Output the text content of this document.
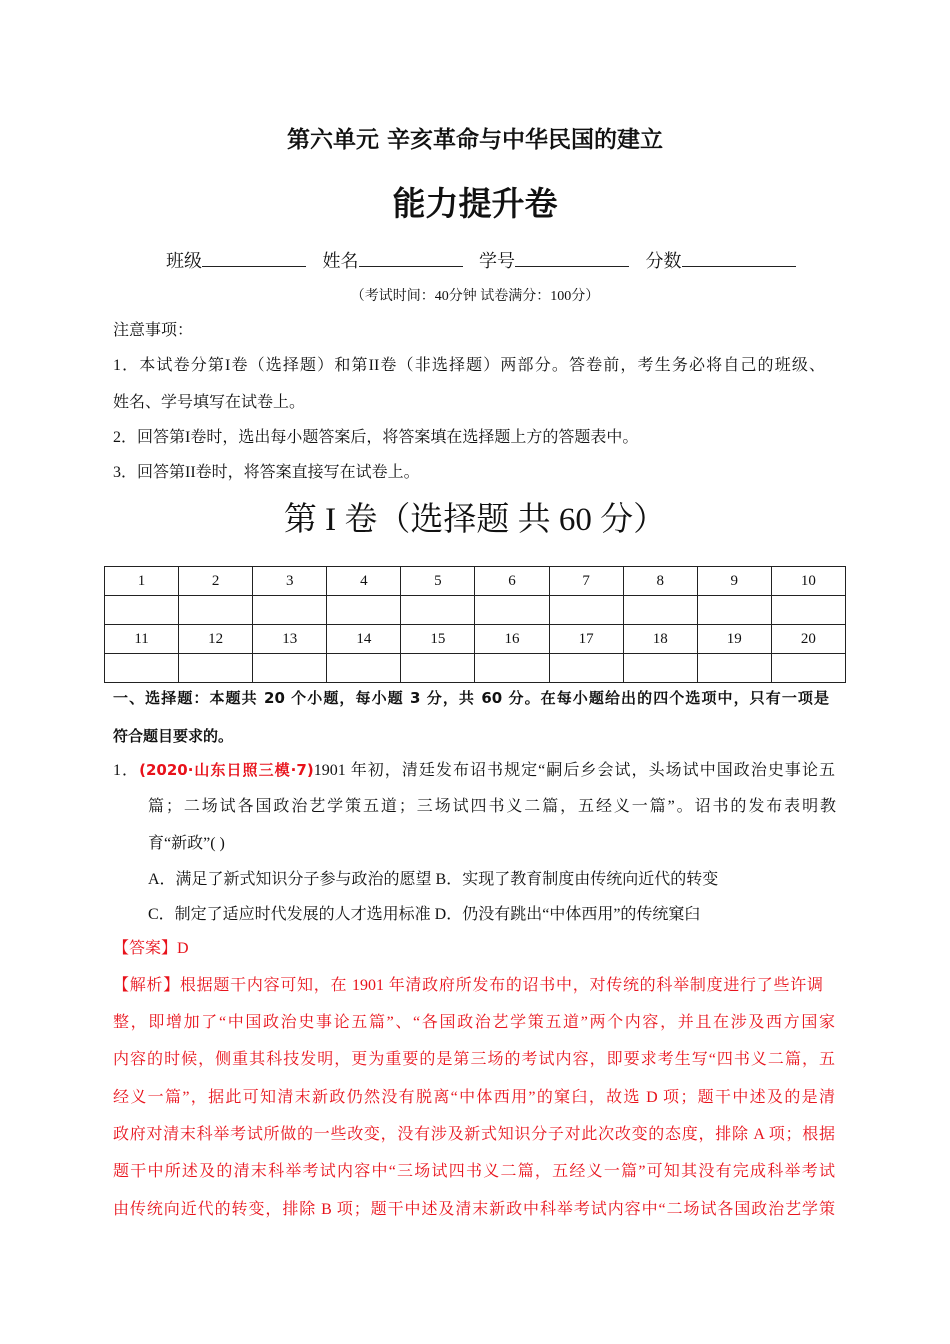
第六单元 辛亥革命与中华民国的建立
能力提升卷
班级	姓名	学号	分数
（考试时间：40分钟 试卷满分：100分）
注意事项：
1．本试卷分第I卷（选择题）和第II卷（非选择题）两部分。答卷前，考生务必将自己的班级、
姓名、学号填写在试卷上。
2．回答第I卷时，选出每小题答案后，将答案填在选择题上方的答题表中。
3．回答第II卷时，将答案直接写在试卷上。
第 I 卷（选择题 共 60 分）
1	2	3	4	5	6	7	8	9	10

11	12	13	14	15	16	17	18	19	20

一、选择题：本题共 20 个小题，每小题 3 分，共 60 分。在每小题给出的四个选项中，只有一项是
符合题目要求的。
1．(2020·山东日照三模·7)1901 年初，清廷发布诏书规定“嗣后乡会试，头场试中国政治史事论五
篇；二场试各国政治艺学策五道；三场试四书义二篇，五经义一篇”。诏书的发布表明教
育“新政”( )
A．满足了新式知识分子参与政治的愿望 B．实现了教育制度由传统向近代的转变
C．制定了适应时代发展的人才选用标准 D．仍没有跳出“中体西用”的传统窠臼
【答案】D
【解析】根据题干内容可知，在 1901 年清政府所发布的诏书中，对传统的科举制度进行了些许调
整，即增加了“中国政治史事论五篇”、“各国政治艺学策五道”两个内容，并且在涉及西方国家
内容的时候，侧重其科技发明，更为重要的是第三场的考试内容，即要求考生写“四书义二篇，五
经义一篇”，据此可知清末新政仍然没有脱离“中体西用”的窠臼，故选 D 项；题干中述及的是清
政府对清末科举考试所做的一些改变，没有涉及新式知识分子对此次改变的态度，排除 A 项；根据
题干中所述及的清末科举考试内容中“三场试四书义二篇，五经义一篇”可知其没有完成科举考试
由传统向近代的转变，排除 B 项；题干中述及清末新政中科举考试内容中“二场试各国政治艺学策
